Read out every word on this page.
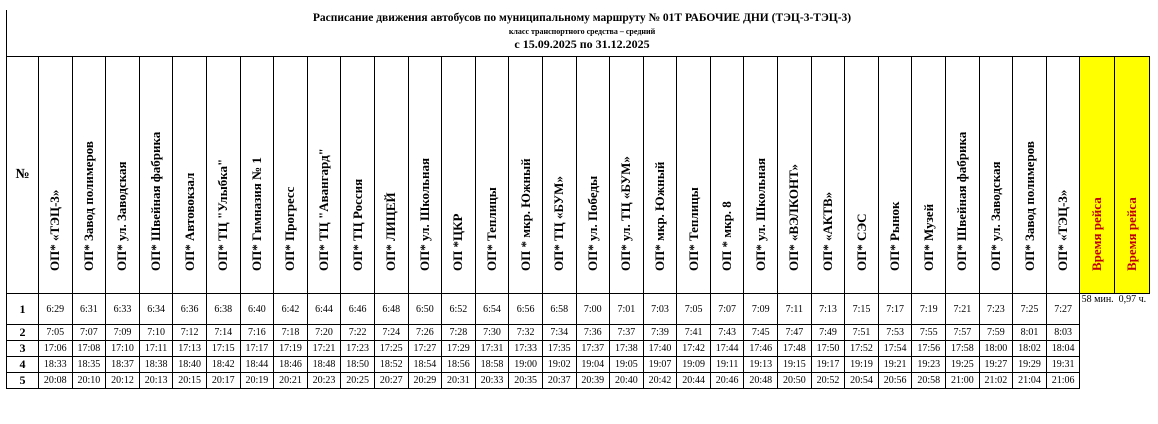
Расписание движения автобусов по муниципальному маршруту № 01Т РАБОЧИЕ ДНИ (ТЭЦ-3-ТЭЦ-3)
класс транспортного средства – средний
с 15.09.2025 по 31.12.2025
№	ОП* «ТЭЦ-3»	ОП* Завод полимеров	ОП* ул. Заводская	ОП* Швейная фабрика	ОП* Автовокзал	ОП* ТЦ "Улыбка"	ОП* Гимназия № 1	ОП* Прогресс	ОП* ТЦ "Авангард"	ОП* ТЦ Россия	ОП* ЛИЦЕЙ	ОП* ул. Школьная	ОП *ЦКР	ОП* Теплицы	ОП * мкр. Южный	ОП* ТЦ «БУМ»	ОП* ул. Победы	ОП* ул. ТЦ «БУМ»	ОП* мкр. Южный	ОП* Теплицы	ОП * мкр. 8	ОП* ул. Школьная	ОП* «ВЭЛКОНТ»	ОП* «АКТВ»	ОП* СЭС	ОП* Рынок	ОП* Музей	ОП* Швейная фабрика	ОП* ул. Заводская	ОП* Завод полимеров	ОП* «ТЭЦ-3»	Время рейса	Время рейса

1	6:29	6:31	6:33	6:34	6:36	6:38	6:40	6:42	6:44	6:46	6:48	6:50	6:52	6:54	6:56	6:58	7:00	7:01	7:03	7:05	7:07	7:09	7:11	7:13	7:15	7:17	7:19	7:21	7:23	7:25	7:27	58 мин.	0,97 ч.
2	7:05	7:07	7:09	7:10	7:12	7:14	7:16	7:18	7:20	7:22	7:24	7:26	7:28	7:30	7:32	7:34	7:36	7:37	7:39	7:41	7:43	7:45	7:47	7:49	7:51	7:53	7:55	7:57	7:59	8:01	8:03		
3	17:06	17:08	17:10	17:11	17:13	17:15	17:17	17:19	17:21	17:23	17:25	17:27	17:29	17:31	17:33	17:35	17:37	17:38	17:40	17:42	17:44	17:46	17:48	17:50	17:52	17:54	17:56	17:58	18:00	18:02	18:04		
4	18:33	18:35	18:37	18:38	18:40	18:42	18:44	18:46	18:48	18:50	18:52	18:54	18:56	18:58	19:00	19:02	19:04	19:05	19:07	19:09	19:11	19:13	19:15	19:17	19:19	19:21	19:23	19:25	19:27	19:29	19:31		
5	20:08	20:10	20:12	20:13	20:15	20:17	20:19	20:21	20:23	20:25	20:27	20:29	20:31	20:33	20:35	20:37	20:39	20:40	20:42	20:44	20:46	20:48	20:50	20:52	20:54	20:56	20:58	21:00	21:02	21:04	21:06		
